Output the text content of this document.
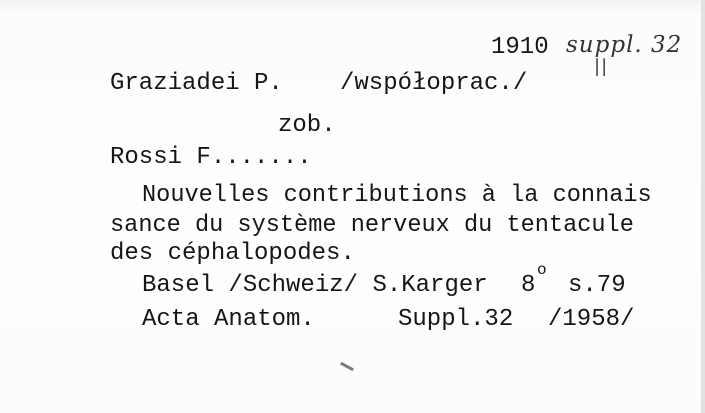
1910 suppl. 32
||
Graziadei P. /współoprac./
zob.
Rossi F.......
Nouvelles contributions à la connais
sance du système nerveux du tentacule
des céphalopodes.
Basel /Schweiz/ S.Karger 8
o
s.79
Acta Anatom.	Suppl.32 /1958/
